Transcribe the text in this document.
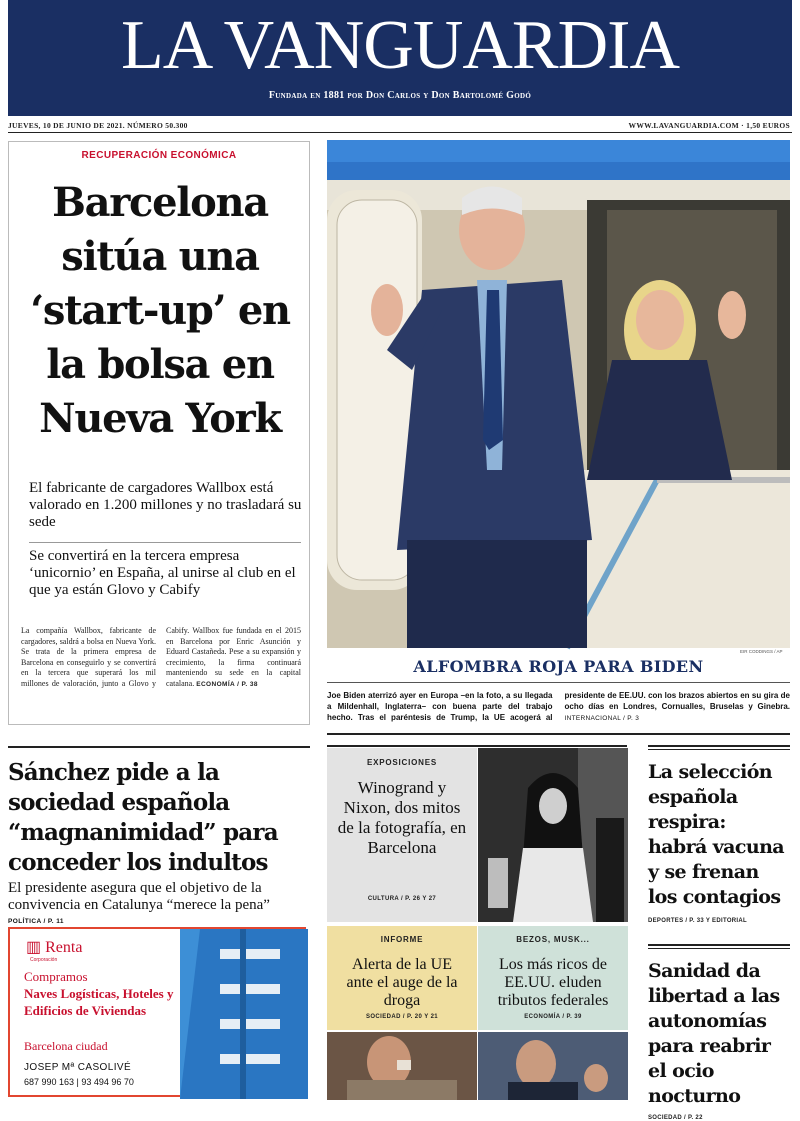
LA VANGUARDIA
Fundada en 1881 por Don Carlos y Don Bartolomé Godó
JUEVES, 10 DE JUNIO DE 2021. NÚMERO 50.300	WWW.LAVANGUARDIA.COM · 1,50 EUROS
RECUPERACIÓN ECONÓMICA
Barcelona sitúa una ‘start-up’ en la bolsa en Nueva York

El fabricante de cargadores Wallbox está valorado en 1.200 millones y no trasladará su sede

Se convertirá en la tercera empresa ‘unicornio’ en España, al unirse al club en el que ya están Glovo y Cabify

La compañía Wallbox, fabricante de cargadores, saldrá a bolsa en Nueva York. Se trata de la primera empresa de Barcelona en conseguirlo y se convertirá en la tercera que superará los mil millones de valoración, junto a Glovo y Cabify. Wallbox fue fundada en el 2015 en Barcelona por Enric Asunción y Eduard Castañeda. Pese a su expansión y crecimiento, la firma continuará manteniendo su sede en la capital catalana. ECONOMÍA / P. 38
EIR CODDINGS / AP
ALFOMBRA ROJA PARA BIDEN
Joe Biden aterrizó ayer en Europa –en la foto, a su llegada a Mildenhall, Inglaterra– con buena parte del trabajo hecho. Tras el paréntesis de Trump, la UE acogerá al presidente de EE.UU. con los brazos abiertos en su gira de ocho días en Londres, Cornualles, Bruselas y Ginebra. INTERNACIONAL / P. 3
Sánchez pide a la sociedad española “magnanimidad” para conceder los indultos

El presidente asegura que el objetivo de la convivencia en Catalunya “merece la pena”

POLÍTICA / P. 11
▥ Renta
Corporación
Compramos
Naves Logísticas, Hoteles y Edificios de Viviendas
Barcelona ciudad
JOSEP Mª CASOLIVÉ
687 990 163 | 93 494 96 70
EXPOSICIONES
Winogrand y Nixon, dos mitos de la fotografía, en Barcelona
CULTURA / P. 26 Y 27
INFORME
Alerta de la UE ante el auge de la droga
SOCIEDAD / P. 20 Y 21
BEZOS, MUSK...
Los más ricos de EE.UU. eluden tributos federales
ECONOMÍA / P. 39
La selección española respira: habrá vacuna y se frenan los contagios
DEPORTES / P. 33 Y EDITORIAL
Sanidad da libertad a las autonomías para reabrir el ocio nocturno
SOCIEDAD / P. 22
